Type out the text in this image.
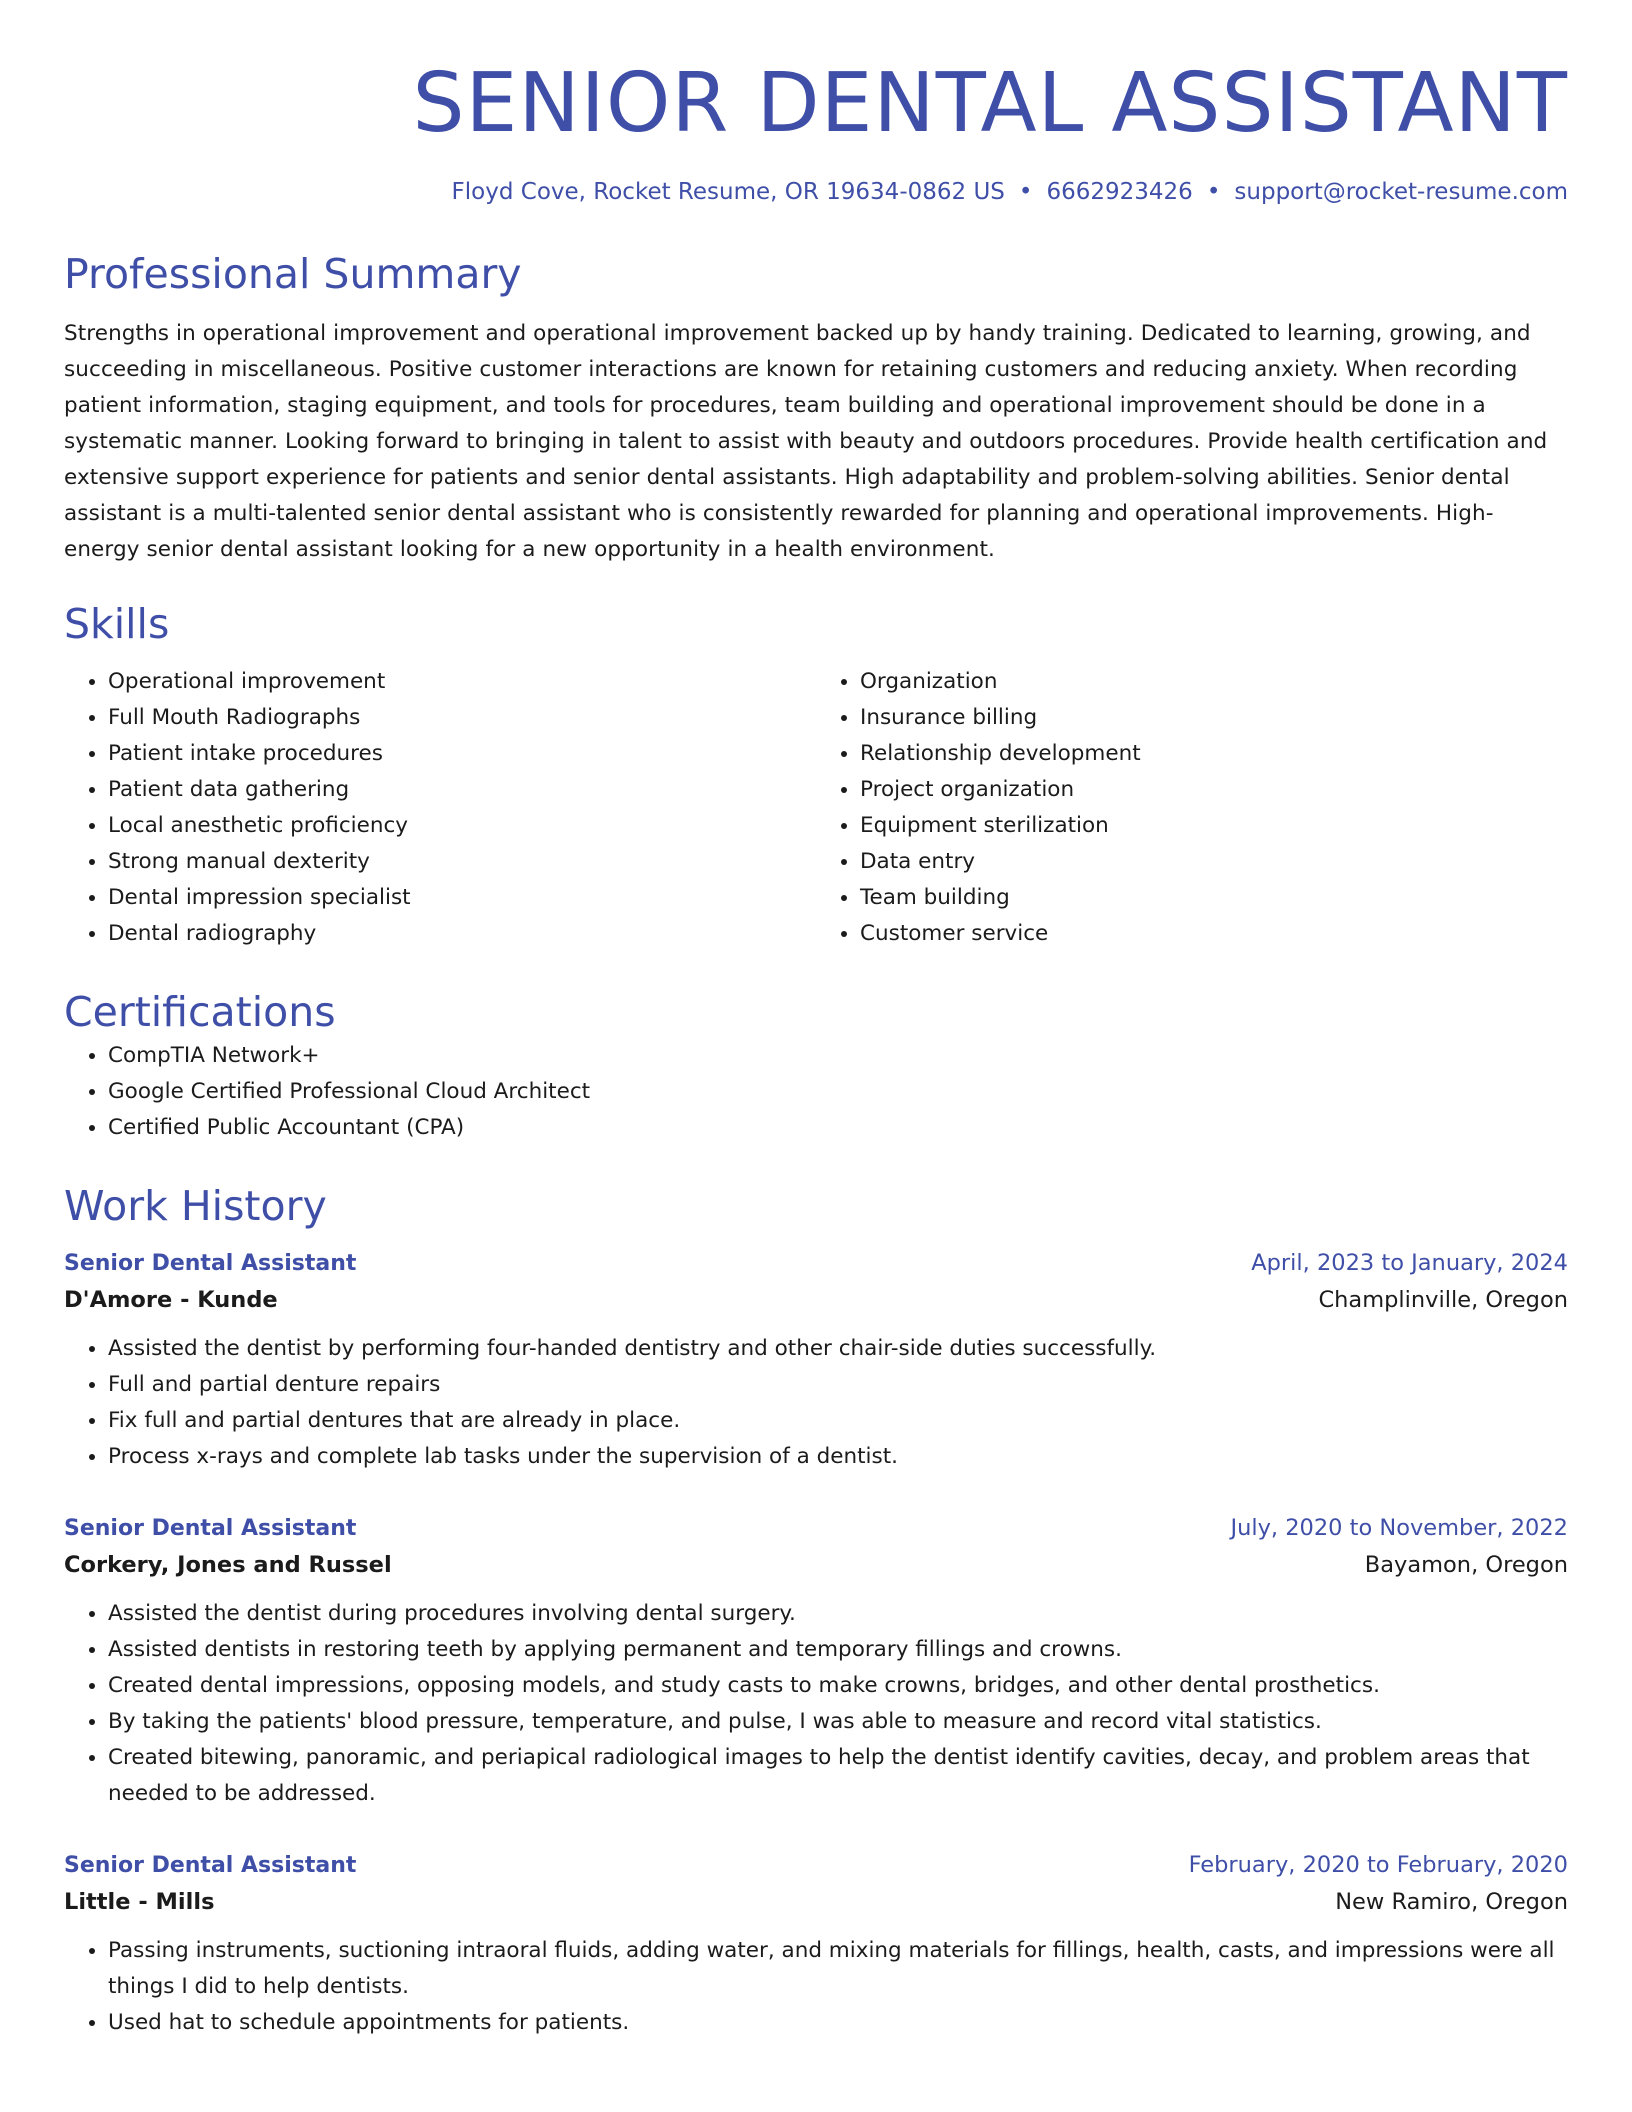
SENIOR DENTAL ASSISTANT
Floyd Cove, Rocket Resume, OR 19634-0862 US • 6662923426 • support@rocket-resume.com
Professional Summary
Strengths in operational improvement and operational improvement backed up by handy training. Dedicated to learning, growing, and succeeding in miscellaneous. Positive customer interactions are known for retaining customers and reducing anxiety. When recording patient information, staging equipment, and tools for procedures, team building and operational improvement should be done in a systematic manner. Looking forward to bringing in talent to assist with beauty and outdoors procedures. Provide health certification and extensive support experience for patients and senior dental assistants. High adaptability and problem-solving abilities. Senior dental assistant is a multi-talented senior dental assistant who is consistently rewarded for planning and operational improvements. High-energy senior dental assistant looking for a new opportunity in a health environment.
Skills
• Operational improvement
• Full Mouth Radiographs
• Patient intake procedures
• Patient data gathering
• Local anesthetic proficiency
• Strong manual dexterity
• Dental impression specialist
• Dental radiography
• Organization
• Insurance billing
• Relationship development
• Project organization
• Equipment sterilization
• Data entry
• Team building
• Customer service
Certifications
• CompTIA Network+
• Google Certified Professional Cloud Architect
• Certified Public Accountant (CPA)
Work History
Senior Dental Assistant	April, 2023 to January, 2024
D'Amore - Kunde	Champlinville, Oregon
• Assisted the dentist by performing four-handed dentistry and other chair-side duties successfully.
• Full and partial denture repairs
• Fix full and partial dentures that are already in place.
• Process x-rays and complete lab tasks under the supervision of a dentist.
Senior Dental Assistant	July, 2020 to November, 2022
Corkery, Jones and Russel	Bayamon, Oregon
• Assisted the dentist during procedures involving dental surgery.
• Assisted dentists in restoring teeth by applying permanent and temporary fillings and crowns.
• Created dental impressions, opposing models, and study casts to make crowns, bridges, and other dental prosthetics.
• By taking the patients' blood pressure, temperature, and pulse, I was able to measure and record vital statistics.
• Created bitewing, panoramic, and periapical radiological images to help the dentist identify cavities, decay, and problem areas that needed to be addressed.
Senior Dental Assistant	February, 2020 to February, 2020
Little - Mills	New Ramiro, Oregon
• Passing instruments, suctioning intraoral fluids, adding water, and mixing materials for fillings, health, casts, and impressions were all things I did to help dentists.
• Used hat to schedule appointments for patients.
